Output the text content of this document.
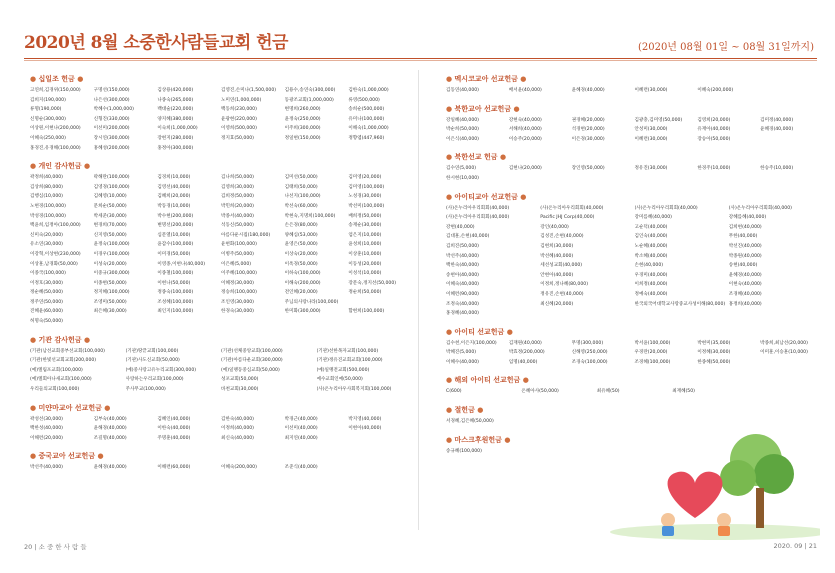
2020년 8월 소중한사람들교회 헌금	(2020년 08월 01일 ~ 08월 31일까지)
● 십일조 헌금 ●
고연희,김경위(150,000)	구명선(150,000)	김상용(420,000)	김영진,손미나(1,500,000)	김용수,송연숙(300,000)	김한숙(1,000,000)
김희지(190,000)	나은선(300,000)	나종숙(265,000)	노미연(1,000,000)	동광조교회(1,000,000)	류영(500,000)
류명(190,000)	박혜수(1,000,000)	백대술(220,000)	백동희(230,000)	변명희(260,000)	송희순(500,000)
신명순(300,000)	신형진(330,000)	양지혜(380,000)	윤광현(220,000)	윤정숙(250,000)	유미나(100,000)
이상원,이현나(200,000)	이선미(200,000)	이숙희(1,000,000)	이영희(500,000)	이주희(300,000)	이해숙(1,000,000)
이혜숙(250,000)	장시연(300,000)	장현지(280,000)	정지효(50,000)	정일현(150,000)	정향엽(447,960)
홍경진,유경해(100,000)	홍혜성(200,000)	홍정아(300,000)
● 개인 감사헌금 ●
곽정희(40,000)	곽해란(100,000)	김경희(10,000)	김나희(50,000)	김미선(50,000)	김미영(20,000)
김상희(80,000)	김영경(100,000)	김영선(40,000)	김영희(30,000)	김태희(50,000)	김미영(100,000)
김행심(10,000)	김혜영(10,000)	김혜희(20,000)	김희정(50,000)	나선지(100,000)	노성경(30,000)
노현경(100,000)	문희순(50,000)	박동경(10,000)	박민희(20,000)	박선숙(60,000)	박선미(100,000)
박성경(100,000)	박세준(30,000)	박수현(200,000)	박종서(40,000)	박현숙,지명희(100,000)	배희정(50,000)
백윤희,임정아(100,000)	변경희(70,000)	변명선(200,000)	석동신(50,000)	손은경(80,000)	송재순(30,000)
신미숙(20,000)	신지영(50,000)	심문열(10,000)	아름다운시집(180,000)	양혜심(53,000)	엄은지(10,000)
유소연(30,000)	윤정숙(100,000)	윤갑수(100,000)	윤현화(100,000)	윤영은(50,000)	윤성희(10,000)
이강혁,이상현(230,000)	이경우(100,000)	이미경(50,000)	이병주(50,000)	이상숙(20,000)	이상훈(10,000)
이상훈,남경화(50,000)	이성숙(20,000)	이영종,이현나(40,000)	이은혜(5,000)	이옥경(50,000)	이동성(20,000)
이종국(100,000)	이중규(300,000)	이종철(100,000)	이주혜(100,000)	이하숙(100,000)	이성석(10,000)
이정호(30,000)	이종현(50,000)	이현나(50,000)	이혜정(30,000)	이해숙(200,000)	장문숙,정지선(50,000)
정순혜(50,000)	정지혜(100,000)	정종숙(100,000)	정승희(100,000)	전인혜(20,000)	정순희(50,000)
정주연(50,000)	조영미(50,000)	조성혜(100,000)	조인영(30,000)	주님의사랑나라(100,000)
진혜윤(60,000)	최은혜(30,000)	최인지(100,000)	한경숙(30,000)	한미화(300,000)	함현희(100,000)
허명숙(50,000)
● 기관 감사헌금 ●
(기관)남선교회중부선교회(100,000)	(기관)땅끝교회(100,000)	(기관)선체중앙교회(100,000)	(기관)선한목자교회(100,000)
(기관)한빛선교회교회(200,000)	(기관)사도신교회(50,000)	(기관)아름다운교회(300,000)	(기관)정유진교회교회(100,000)
(예)엘림포교회(100,000)	(예)중사랑고유누리교회(300,000)	(예)일맹동중심교회(50,000)	(예)일맹전교회(500,000)
(예)엘회아나새교회(100,000)	사랑하는우리교회(100,000)	성포교회(50,000)	예수교회인예(50,000)
우리들의교회(100,000)	주사무교(100,000)	바천교회(30,000)	(사)온누리아우사회복지회(100,000)
● 미얀마교아 선교헌금 ●
곽성선(30,000)	김부숙(40,000)	김혜인(40,000)	김한숙(40,000)	박경근(40,000)	박지영(40,000)
백한성(40,000)	윤해경(40,000)	이한숙(40,000)	이정희(40,000)	이선미(40,000)	이현아(40,000)
이해련(20,000)	조길명(40,000)	주명훈(40,000)	최신숙(40,000)	최지연(40,000)
● 중국교아 선교헌금 ●
박선주(40,000)	윤혜경(40,000)	이해련(60,000)	이혜숙(200,000)	조준식(40,000)
● 멕시코교아 선교헌금 ●
김동연(40,000)	배서윤(40,000)	윤혜경(40,000)	이혜련(30,000)	이혜숙(200,000)
● 북한교아 선교헌금 ●
강일혜(40,000)	강현숙(40,000)	권경혜(20,000)	김광충,김미영(50,000)	김영희(20,000)	김미정(40,000)
박순희(50,000)	서해희(40,000)	석경현(20,000)	안성미(30,000)	유재아(40,000)	윤혜경(40,000)
이은식(40,000)	이승주(20,000)	이은경(30,000)	이혜련(30,000)	장승아(50,000)
● 북한선교 헌금 ●
김수연(5,000)	김현나(20,000)	장인영(50,000)	정유진(30,000)	한경주(10,000)	한승주(10,000)
한시현(10,000)
● 아이티교아 선교헌금 ●
(사)온누리아우리회회(40,000)	(사)온누리아우리회회(40,000)	(사)온누리아우리회회(40,000)	(사)온누리아우리회회(40,000)
(사)온누리아우리회회(40,000)	Pacific JHJ Corp(40,000)	강미를혜(40,000)	강혜를혜(40,000)
강현(40,000)	강인(40,000)	고순덕(40,000)	김희현(40,000)
김대훈,손현(40,000)	김성진,손현(40,000)	김인숙(40,000)	무한(40,000)
김희진(50,000)	김현희(30,000)	노순혜(40,000)	박선진(40,000)
박선주(40,000)	박선혜(40,000)	박소혜(40,000)	박종원(40,000)
백한숙(40,000)	세선성교회(40,000)	손현(40,000)	송현(40,000)
송현아(40,000)	안현아(40,000)	우경미(40,000)	윤혜경(40,000)
이혜숙(40,000)	이정희,정나혜(80,000)	이희정(40,000)	이현숙(40,000)
이혜련(90,000)	정유진,손현(40,000)	정예숙(40,000)	조경혜(40,000)
조정숙(40,000)	최신혜(20,000)	한국외국어대학교사랑중교사성이해(80,000) 홍정희(40,000)
홍경혜(40,000)
● 아이티 선교헌금 ●
김수천,이은지(100,000)	김재원(40,000)	무명(300,000)	박서윤(100,000)	박현미(35,000)	박종희,최남선(20,000)
박혜진(5,000)	박효정(200,000)	신해영(250,000)	우경란(20,000)	이정혜(30,000)	이미훈,이승훈(10,000)
이혜수(40,000)	임명(40,000)	조경숙(100,000)	조경혜(100,000)	한종혜(50,000)
● 해외 아이티 선교헌금 ●
C(600)	온혜아사(50,000)	최유혜(50)	최재혜(50)
● 절헌금 ●
서경혜,김은혜(50,000)
● 마스크후원헌금 ●
송규혜(100,000)
20 | 소 중 한 사 람 들	2020. 09 | 21
